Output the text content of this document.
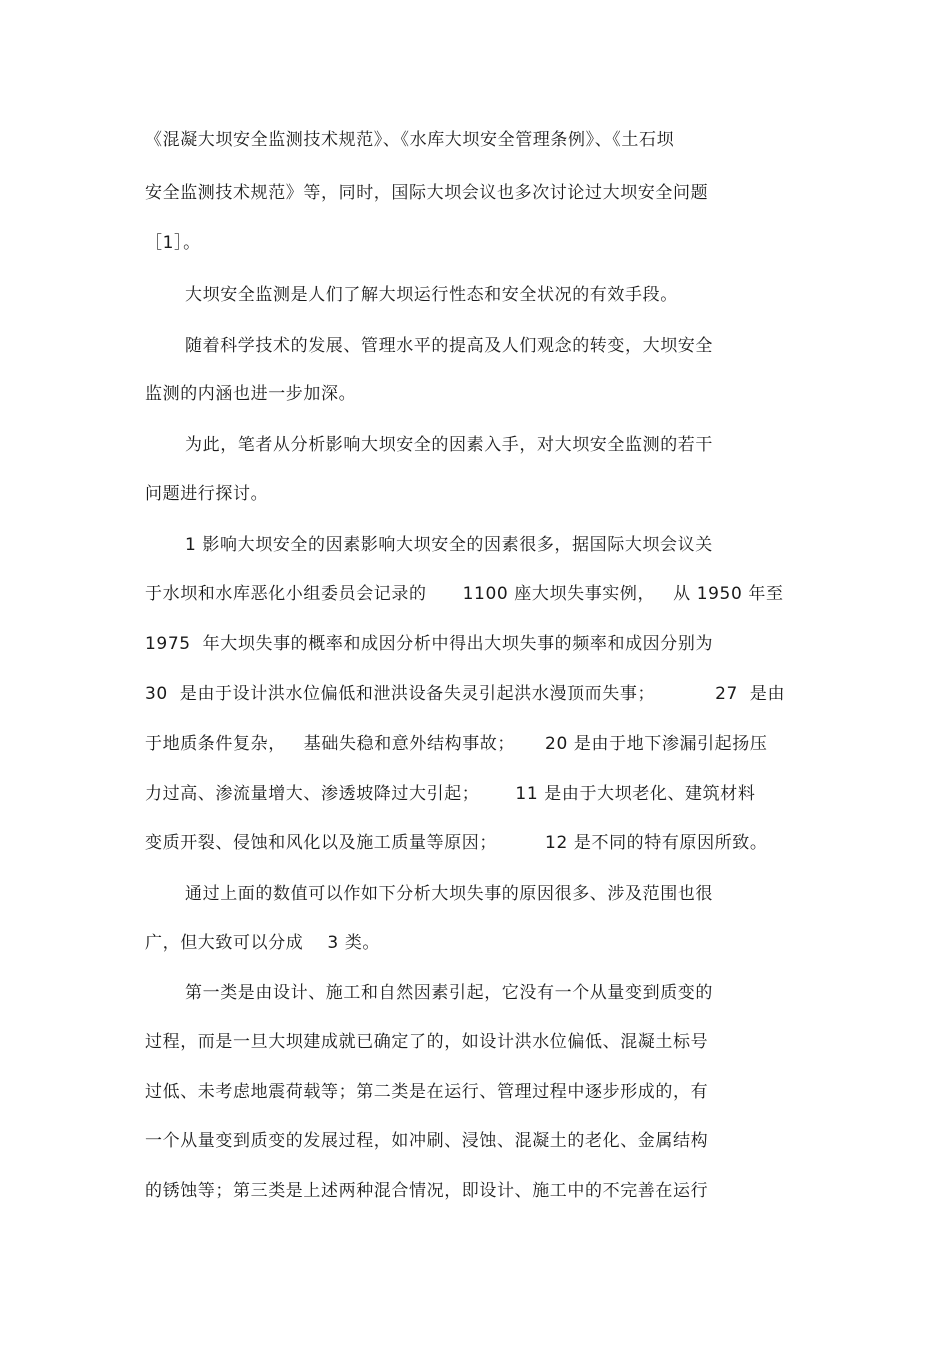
《混凝大坝安全监测技术规范》、《水库大坝安全管理条例》、《土石坝
安全监测技术规范》等，同时，国际大坝会议也多次讨论过大坝安全问题
［1］。
大坝安全监测是人们了解大坝运行性态和安全状况的有效手段。
随着科学技术的发展、管理水平的提高及人们观念的转变，大坝安全
监测的内涵也进一步加深。
为此，笔者从分析影响大坝安全的因素入手，对大坝安全监测的若干
问题进行探讨。
1 影响大坝安全的因素影响大坝安全的因素很多，据国际大坝会议关
于水坝和水库恶化小组委员会记录的      1100 座大坝失事实例，   从 1950 年至
1975  年大坝失事的概率和成因分析中得出大坝失事的频率和成因分别为
30  是由于设计洪水位偏低和泄洪设备失灵引起洪水漫顶而失事；          27  是由
于地质条件复杂，   基础失稳和意外结构事故；     20 是由于地下渗漏引起扬压
力过高、渗流量增大、渗透坡降过大引起；      11 是由于大坝老化、建筑材料
变质开裂、侵蚀和风化以及施工质量等原因；        12 是不同的特有原因所致。
通过上面的数值可以作如下分析大坝失事的原因很多、涉及范围也很
广，但大致可以分成    3 类。
第一类是由设计、施工和自然因素引起，它没有一个从量变到质变的
过程，而是一旦大坝建成就已确定了的，如设计洪水位偏低、混凝土标号
过低、未考虑地震荷载等；第二类是在运行、管理过程中逐步形成的，有
一个从量变到质变的发展过程，如冲刷、浸蚀、混凝土的老化、金属结构
的锈蚀等；第三类是上述两种混合情况，即设计、施工中的不完善在运行
